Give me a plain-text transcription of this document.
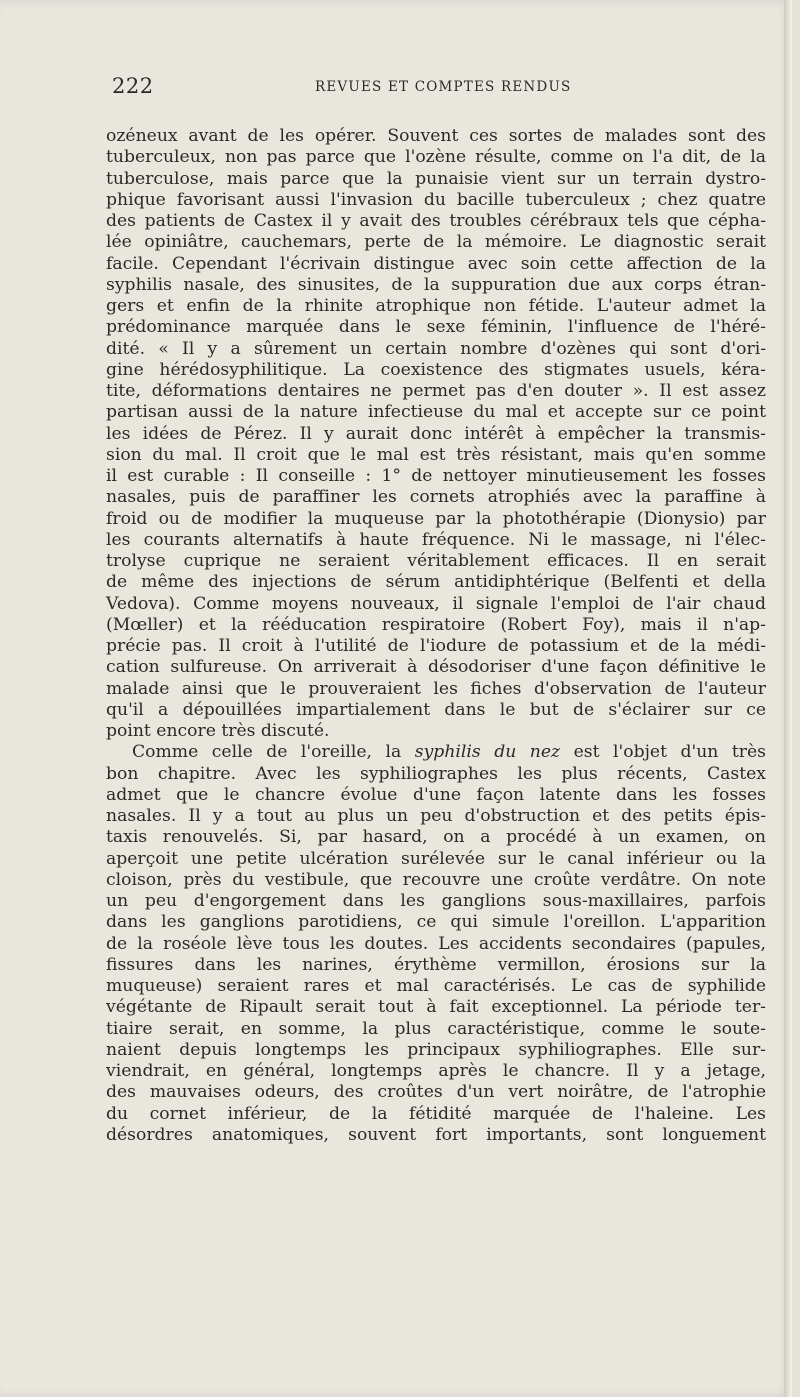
222	REVUES ET COMPTES RENDUS
ozéneux avant de les opérer. Souvent ces sortes de malades sont des
tuberculeux, non pas parce que l'ozène résulte, comme on l'a dit, de la
tuberculose, mais parce que la punaisie vient sur un terrain dystro-
phique favorisant aussi l'invasion du bacille tuberculeux ; chez quatre
des patients de Castex il y avait des troubles cérébraux tels que cépha-
lée opiniâtre, cauchemars, perte de la mémoire. Le diagnostic serait
facile. Cependant l'écrivain distingue avec soin cette affection de la
syphilis nasale, des sinusites, de la suppuration due aux corps étran-
gers et enfin de la rhinite atrophique non fétide. L'auteur admet la
prédominance marquée dans le sexe féminin, l'influence de l'héré-
dité. « Il y a sûrement un certain nombre d'ozènes qui sont d'ori-
gine hérédosyphilitique. La coexistence des stigmates usuels, kéra-
tite, déformations dentaires ne permet pas d'en douter ». Il est assez
partisan aussi de la nature infectieuse du mal et accepte sur ce point
les idées de Pérez. Il y aurait donc intérêt à empêcher la transmis-
sion du mal. Il croit que le mal est très résistant, mais qu'en somme
il est curable : Il conseille : 1° de nettoyer minutieusement les fosses
nasales, puis de paraffiner les cornets atrophiés avec la paraffine à
froid ou de modifier la muqueuse par la photothérapie (Dionysio) par
les courants alternatifs à haute fréquence. Ni le massage, ni l'élec-
trolyse cuprique ne seraient véritablement efficaces. Il en serait
de même des injections de sérum antidiphtérique (Belfenti et della
Vedova). Comme moyens nouveaux, il signale l'emploi de l'air chaud
(Mœller) et la rééducation respiratoire (Robert Foy), mais il n'ap-
précie pas. Il croit à l'utilité de l'iodure de potassium et de la médi-
cation sulfureuse. On arriverait à désodoriser d'une façon définitive le
malade ainsi que le prouveraient les fiches d'observation de l'auteur
qu'il a dépouillées impartialement dans le but de s'éclairer sur ce
point encore très discuté.
Comme celle de l'oreille, la syphilis du nez est l'objet d'un très
bon chapitre. Avec les syphiliographes les plus récents, Castex
admet que le chancre évolue d'une façon latente dans les fosses
nasales. Il y a tout au plus un peu d'obstruction et des petits épis-
taxis renouvelés. Si, par hasard, on a procédé à un examen, on
aperçoit une petite ulcération surélevée sur le canal inférieur ou la
cloison, près du vestibule, que recouvre une croûte verdâtre. On note
un peu d'engorgement dans les ganglions sous-maxillaires, parfois
dans les ganglions parotidiens, ce qui simule l'oreillon. L'apparition
de la roséole lève tous les doutes. Les accidents secondaires (papules,
fissures dans les narines, érythème vermillon, érosions sur la
muqueuse) seraient rares et mal caractérisés. Le cas de syphilide
végétante de Ripault serait tout à fait exceptionnel. La période ter-
tiaire serait, en somme, la plus caractéristique, comme le soute-
naient depuis longtemps les principaux syphiliographes. Elle sur-
viendrait, en général, longtemps après le chancre. Il y a jetage,
des mauvaises odeurs, des croûtes d'un vert noirâtre, de l'atrophie
du cornet inférieur, de la fétidité marquée de l'haleine. Les
désordres anatomiques, souvent fort importants, sont longuement
